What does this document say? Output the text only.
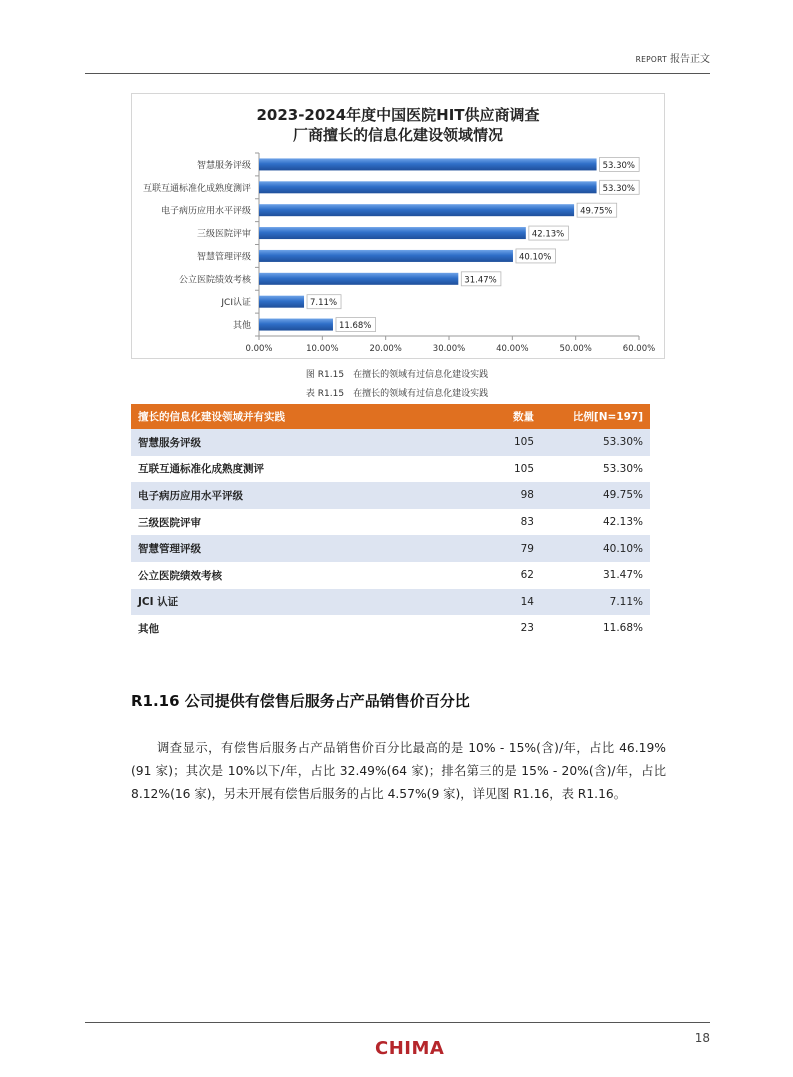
REPORT 报告正文
2023-2024年度中国医院HIT供应商调查
厂商擅长的信息化建设领域情况
智慧服务评级	53.30%
互联互通标准化成熟度测评	53.30%
电子病历应用水平评级	49.75%
三级医院评审	42.13%
智慧管理评级	40.10%
公立医院绩效考核	31.47%
JCI认证	7.11%
其他	11.68%
0.00%	10.00%	20.00%	30.00%	40.00%	50.00%	60.00%
图 R1.15　在擅长的领域有过信息化建设实践
表 R1.15　在擅长的领域有过信息化建设实践
擅长的信息化建设领域并有实践	数量	比例[N=197]
智慧服务评级	105	53.30%
互联互通标准化成熟度测评	105	53.30%
电子病历应用水平评级	98	49.75%
三级医院评审	83	42.13%
智慧管理评级	79	40.10%
公立医院绩效考核	62	31.47%
JCI 认证	14	7.11%
其他	23	11.68%
R1.16 公司提供有偿售后服务占产品销售价百分比
调查显示，有偿售后服务占产品销售价百分比最高的是 10% - 15%(含)/年，占比 46.19%(91 家)；其次是 10%以下/年，占比 32.49%(64 家)；排名第三的是 15% - 20%(含)/年，占比 8.12%(16 家)，另未开展有偿售后服务的占比 4.57%(9 家)，详见图 R1.16，表 R1.16。
18
CHIMA
